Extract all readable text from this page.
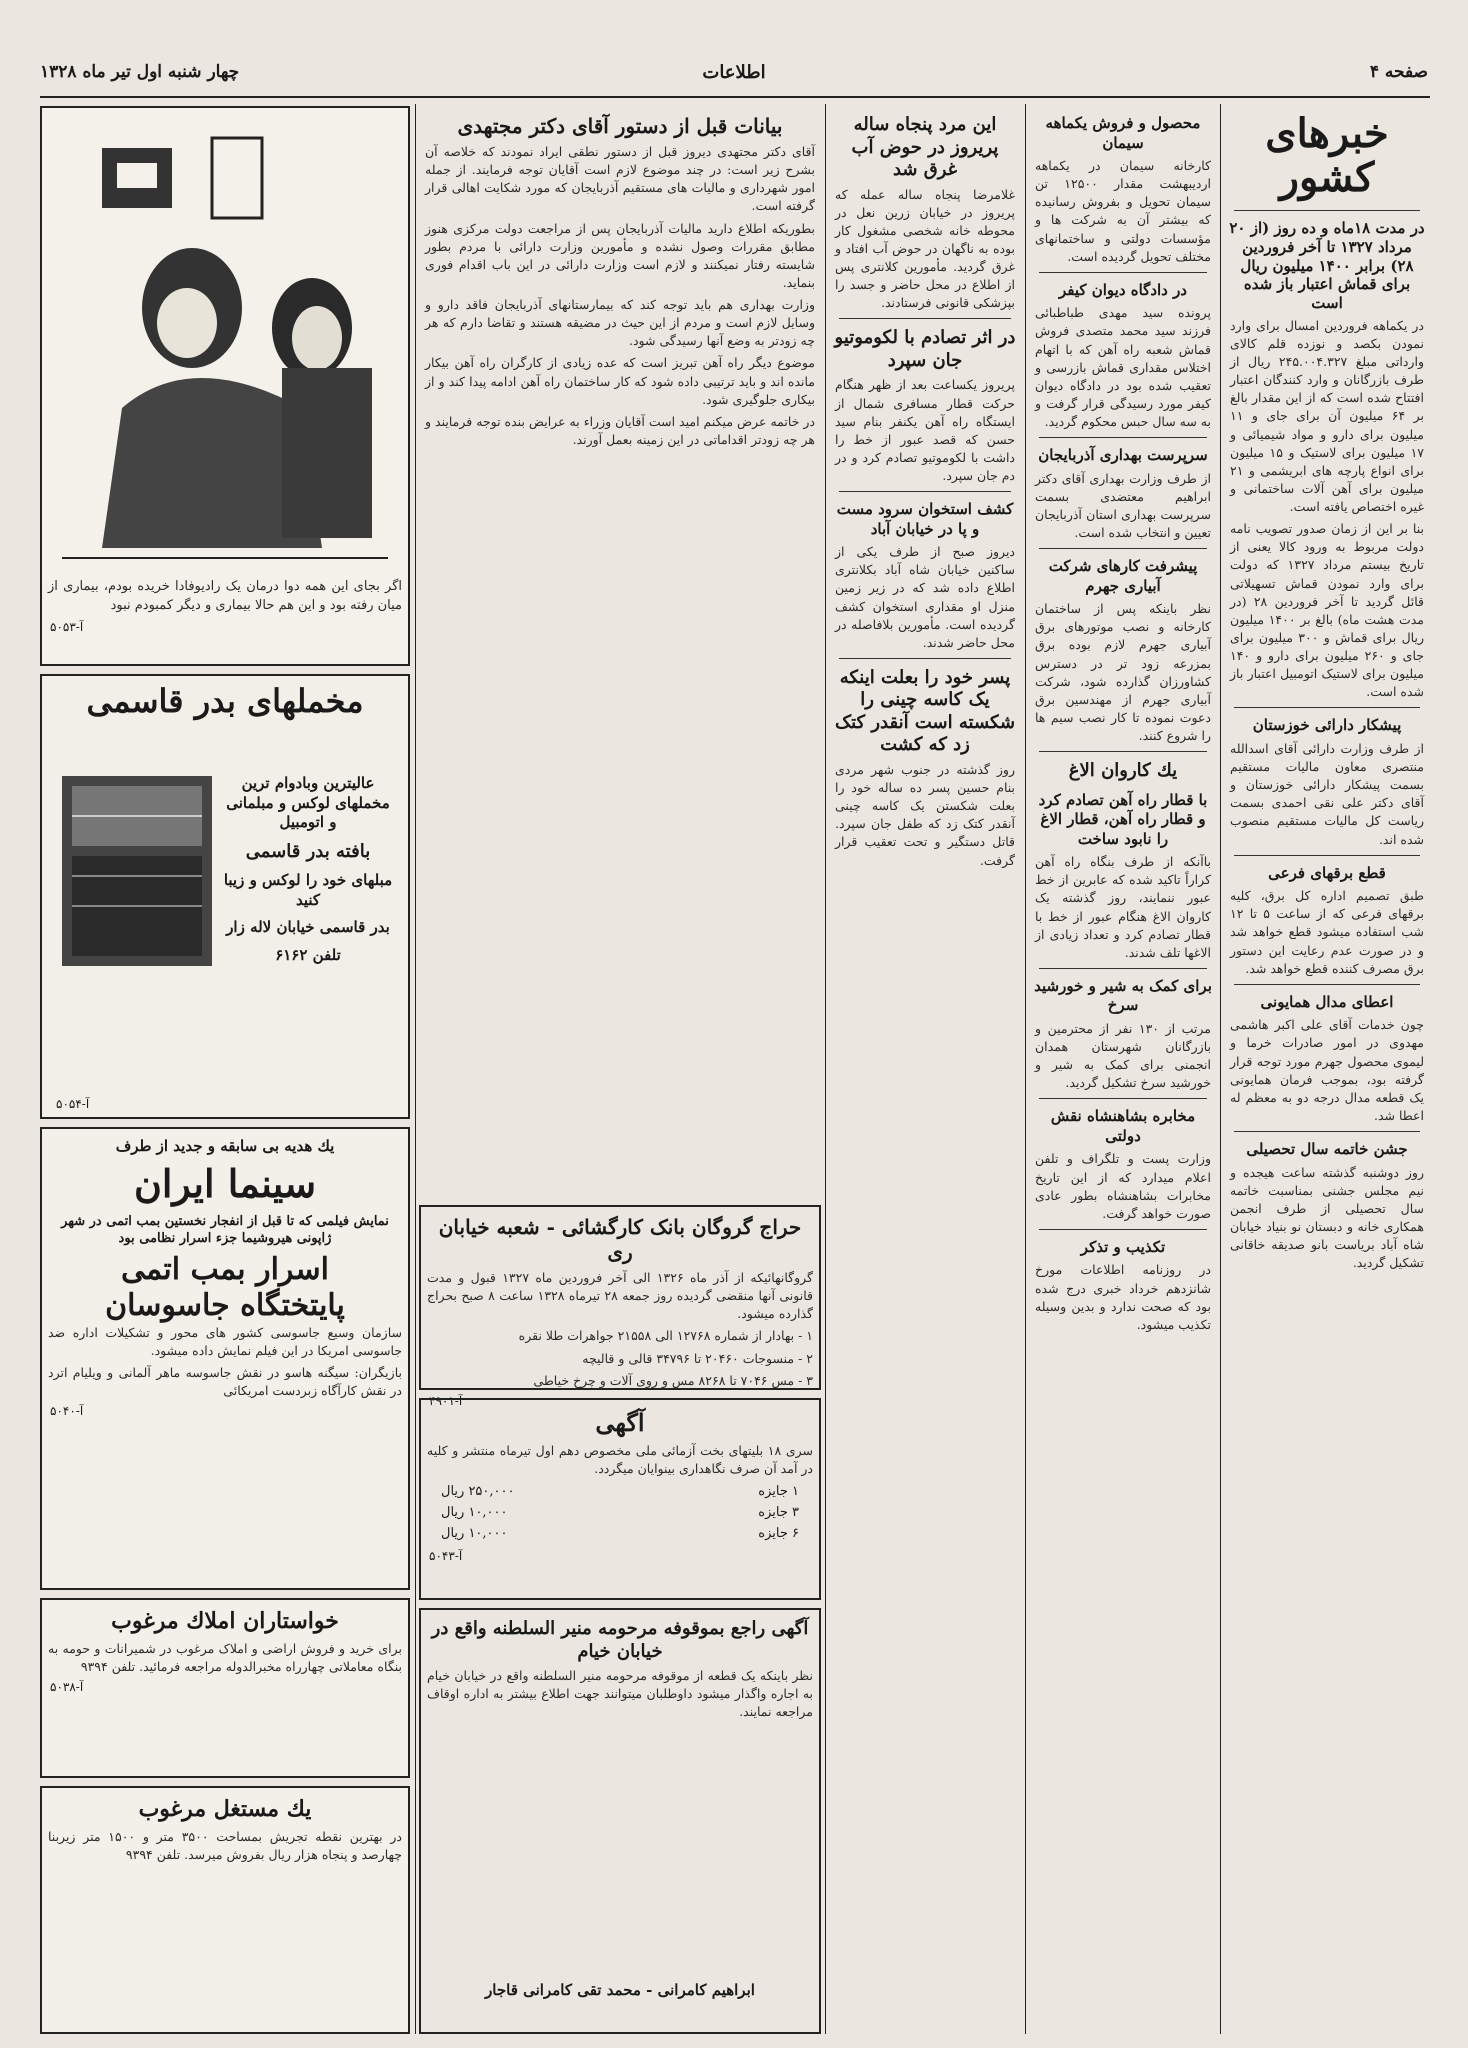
صفحه ۴
اطلاعات
چهار شنبه اول تیر ماه ۱۳۲۸
خبر‌های کشور
در مدت ۱۸ماه و ده روز (از ۲۰ مرداد ۱۳۲۷ تا آخر فروردین ۲۸) برابر ۱۴۰۰ میلیون ریال برای قماش اعتبار باز شده است
در یکماهه فروردین امسال برای وارد نمودن بکصد و نوزده قلم کالای وارداتی مبلغ ۲۴۵.۰۰۴.۳۲۷ ریال از طرف بازرگانان و وارد کنندگان اعتبار افتتاح شده است که از این مقدار بالغ بر ۶۴ میلیون آن برای جای و ۱۱ میلیون برای دارو و مواد شیمیائی و ۱۷ میلیون برای لاستیک و ۱۵ میلیون برای انواع پارچه های ابریشمی و ۲۱ میلیون برای آهن آلات ساختمانی و غیره اختصاص یافته است.
بنا بر این از زمان صدور تصویب نامه دولت مربوط به ورود کالا یعنی از تاریخ بیستم مرداد ۱۳۲۷ که دولت برای وارد نمودن قماش تسهیلاتی قائل گردید تا آخر فروردین ۲۸ (در مدت هشت ماه) بالغ بر ۱۴۰۰ میلیون ریال برای قماش و ۳۰۰ میلیون برای جای و ۲۶۰ میلیون برای دارو و ۱۴۰ میلیون برای لاستیک اتومبیل اعتبار باز شده است.
پیشکار دارائی خوزستان
از طرف وزارت دارائی آقای اسدالله منتصری معاون مالیات مستقیم بسمت پیشکار دارائی خوزستان و آقای دکتر علی نقی احمدی بسمت ریاست کل مالیات مستقیم منصوب شده اند.
قطع برقهای فرعی
طبق تصمیم اداره کل برق، کلیه برقهای فرعی که از ساعت ۵ تا ۱۲ شب استفاده میشود قطع خواهد شد و در صورت عدم رعایت این دستور برق مصرف کننده قطع خواهد شد.
اعطای مدال همایونی
چون خدمات آقای علی اکبر هاشمی مهدوی در امور صادرات خرما و لیموی محصول جهرم مورد توجه قرار گرفته بود، بموجب فرمان همایونی یک قطعه مدال درجه دو به معظم له اعطا شد.
جشن خاتمه سال تحصیلی
روز دوشنبه گذشته ساعت هیجده و نیم مجلس جشنی بمناسبت خاتمه سال تحصیلی از طرف انجمن همکاری خانه و دبستان نو بنیاد خیابان شاه آباد بریاست بانو صدیقه خاقانی تشکیل گردید.
محصول و فروش یکماهه سیمان
کارخانه سیمان در یکماهه اردیبهشت مقدار ۱۲۵۰۰ تن سیمان تحویل و بفروش رسانیده که بیشتر آن به شرکت ها و مؤسسات دولتی و ساختمانهای مختلف تحویل گردیده است.
در دادگاه دیوان کیفر
پرونده سید مهدی طباطبائی فرزند سید محمد متصدی فروش قماش شعبه راه آهن که با اتهام اختلاس مقداری قماش بازرسی و تعقیب شده بود در دادگاه دیوان کیفر مورد رسیدگی قرار گرفت و به سه سال حبس محکوم گردید.
سرپرست بهداری آذربایجان
از طرف وزارت بهداری آقای دکتر ابراهیم معتضدی بسمت سرپرست بهداری استان آذربایجان تعیین و انتخاب شده است.
پیشرفت کارهای شرکت آبیاری جهرم
نظر باینکه پس از ساختمان کارخانه و نصب موتورهای برق آبیاری جهرم لازم بوده برق بمزرعه زود تر در دسترس کشاورزان گذارده شود، شرکت آبیاری جهرم از مهندسین برق دعوت نموده تا کار نصب سیم ها را شروع کنند.
یك كاروان الاغ
با قطار راه آهن تصادم کرد و قطار راه آهن، قطار الاغ را نابود ساخت
باآنکه از طرف بنگاه راه آهن کراراً تاکید شده که عابرین از خط عبور ننمایند، روز گذشته یک کاروان الاغ هنگام عبور از خط با قطار تصادم کرد و تعداد زیادی از الاغها تلف شدند.
برای کمک به شیر و خورشید سرخ
مرتب از ۱۳۰ نفر از محترمین و بازرگانان شهرستان همدان انجمنی برای کمک به شیر و خورشید سرخ تشکیل گردید.
مخابره بشاهنشاه نقش دولتی
وزارت پست و تلگراف و تلفن اعلام میدارد که از این تاریخ مخابرات بشاهنشاه بطور عادی صورت خواهد گرفت.
تکذیب و تذکر
در روزنامه اطلاعات مورخ شانزدهم خرداد خبری درج شده بود که صحت ندارد و بدین وسیله تکذیب میشود.
این مرد پنجاه ساله پریروز در حوض آب غرق شد
غلامرضا پنجاه ساله عمله که پریروز در خیابان زرین نعل در محوطه خانه شخصی مشغول کار بوده به ناگهان در حوض آب افتاد و غرق گردید. مأمورین کلانتری پس از اطلاع در محل حاضر و جسد را بپزشکی قانونی فرستادند.
در اثر تصادم با لکوموتیو جان سپرد
پریروز یکساعت بعد از ظهر هنگام حرکت قطار مسافری شمال از ایستگاه راه آهن یکنفر بنام سید حسن که قصد عبور از خط را داشت با لکوموتیو تصادم کرد و در دم جان سپرد.
کشف استخوان سرود مست و پا در خیابان آباد
دیروز صبح از طرف یکی از ساکنین خیابان شاه آباد بکلانتری اطلاع داده شد که در زیر زمین منزل او مقداری استخوان کشف گردیده است. مأمورین بلافاصله در محل حاضر شدند.
پسر خود را بعلت اینکه یک کاسه چینی را شکسته است آنقدر کتک زد که کشت
روز گذشته در جنوب شهر مردی بنام حسین پسر ده ساله خود را بعلت شکستن یک کاسه چینی آنقدر کتک زد که طفل جان سپرد. قاتل دستگیر و تحت تعقیب قرار گرفت.
بیانات قبل از دستور آقای دکتر مجتهدی
آقای دکتر مجتهدی دیروز قبل از دستور نطقی ایراد نمودند که خلاصه آن بشرح زیر است: در چند موضوع لازم است آقایان توجه فرمایند. از جمله امور شهرداری و مالیات های مستقیم آذربایجان که مورد شکایت اهالی قرار گرفته است.
بطوریکه اطلاع دارید مالیات آذربایجان پس از مراجعت دولت مرکزی هنوز مطابق مقررات وصول نشده و مأمورین وزارت دارائی با مردم بطور شایسته رفتار نمیکنند و لازم است وزارت دارائی در این باب اقدام فوری بنماید.
وزارت بهداری هم باید توجه کند که بیمارستانهای آذربایجان فاقد دارو و وسایل لازم است و مردم از این حیث در مضیقه هستند و تقاضا دارم که هر چه زودتر به وضع آنها رسیدگی شود.
موضوع دیگر راه آهن تبریز است که عده زیادی از کارگران راه آهن بیکار مانده اند و باید ترتیبی داده شود که کار ساختمان راه آهن ادامه پیدا کند و از بیکاری جلوگیری شود.
در خاتمه عرض میکنم امید است آقایان وزراء به عرایض بنده توجه فرمایند و هر چه زودتر اقداماتی در این زمینه بعمل آورند.
حراج گروگان بانک کارگشائی - شعبه خیابان ری
گروگانهائیکه از آذر ماه ۱۳۲۶ الی آخر فروردین ماه ۱۳۲۷ قبول و مدت قانونی آنها منقضی گردیده روز جمعه ۲۸ تیرماه ۱۳۲۸ ساعت ۸ صبح بحراج گذارده میشود.
۱ - بهادار از شماره ۱۲۷۶۸ الی ۲۱۵۵۸ جواهرات طلا نقره
۲ - منسوجات ۲۰۴۶۰ تا ۳۴۷۹۶ قالی و قالیچه
۳ - مس ۷۰۴۶ تا ۸۲۶۸ مس و روی آلات و چرخ خیاطی
آ-۴۹۰۱
آگهی
سری ۱۸ بلیتهای بخت آزمائی ملی مخصوص دهم اول تیرماه منتشر و کلیه در آمد آن صرف نگاهداری بینوایان میگردد.
۱ جایزه
۲۵۰,۰۰۰ ریال
۳ جایزه
۱۰,۰۰۰ ریال
۶ جایزه
۱۰,۰۰۰ ریال
آ-۵۰۴۳
آگهی راجع بموقوفه مرحومه منیر السلطنه واقع در خیابان خیام
نظر باینکه یک قطعه از موقوفه مرحومه منیر السلطنه واقع در خیابان خیام به اجاره واگذار میشود داوطلبان میتوانند جهت اطلاع بیشتر به اداره اوقاف مراجعه نمایند.
ابراهیم کامرانی - محمد تقی کامرانی قاجار
اگر بجای این همه دوا درمان یک رادیوفادا خریده بودم، بیماری از میان رفته بود و این هم حالا بیماری و دیگر کمبودم نبود
آ-۵۰۵۳
مخملهای بدر قاسمی
عالیترین وبادوام ترین مخملهای لوکس و مبلمانی و اتومبیل
بافته بدر قاسمی
مبلهای خود را لوکس و زیبا کنید
بدر قاسمی خیابان لاله زار
تلفن ۶۱۶۲
آ-۵۰۵۴
یك هدیه بی سابقه و جدید از طرف
سینما ایران
نمایش فیلمی که تا قبل از انفجار نخستین بمب اتمی در شهر ژاپونی هیروشیما جزء اسرار نظامی بود
اسرار بمب اتمی
پایتختگاه جاسوسان
سازمان وسیع جاسوسی کشور های محور و تشکیلات اداره ضد جاسوسی امریکا در این فیلم نمایش داده میشود.
بازیگران: سیگنه هاسو در نقش جاسوسه ماهر آلمانی و ویلیام اترد در نقش کارآگاه زبردست امریکائی
آ-۵۰۴۰
خواستاران املاك مرغوب
برای خرید و فروش اراضی و املاک مرغوب در شمیرانات و حومه به بنگاه معاملاتی چهارراه مخبرالدوله مراجعه فرمائید. تلفن ۹۳۹۴
آ-۵۰۳۸
يك مستغل مرغوب
در بهترین نقطه تجریش بمساحت ۳۵۰۰ متر و ۱۵۰۰ متر زیربنا چهارصد و پنجاه هزار ریال بفروش میرسد. تلفن ۹۳۹۴
